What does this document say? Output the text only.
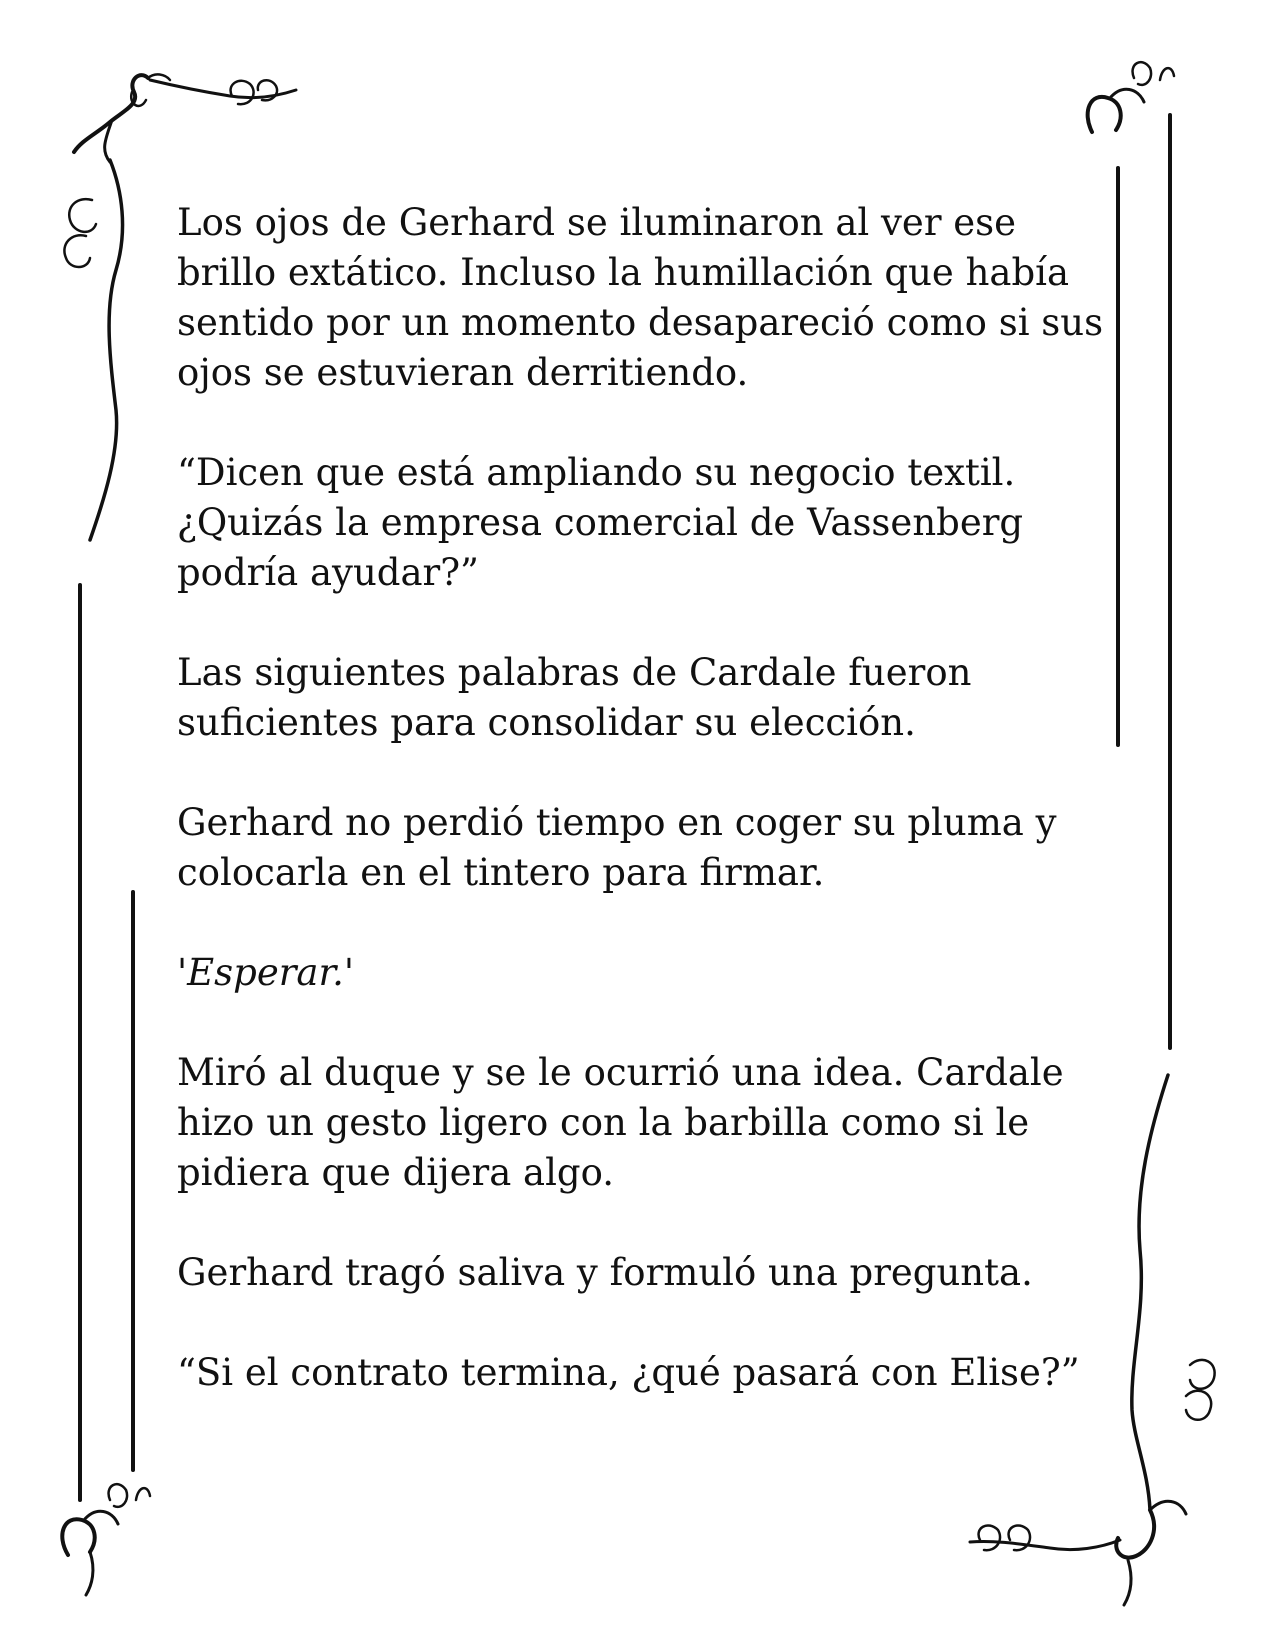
Los ojos de Gerhard se iluminaron al ver ese brillo extático. Incluso la humillación que había sentido por un momento desapareció como si sus ojos se estuvieran derritiendo.

“Dicen que está ampliando su negocio textil. ¿Quizás la empresa comercial de Vassenberg podría ayudar?”

Las siguientes palabras de Cardale fueron suficientes para consolidar su elección.

Gerhard no perdió tiempo en coger su pluma y colocarla en el tintero para firmar.

'Esperar.'

Miró al duque y se le ocurrió una idea. Cardale hizo un gesto ligero con la barbilla como si le pidiera que dijera algo.

Gerhard tragó saliva y formuló una pregunta.

“Si el contrato termina, ¿qué pasará con Elise?”
